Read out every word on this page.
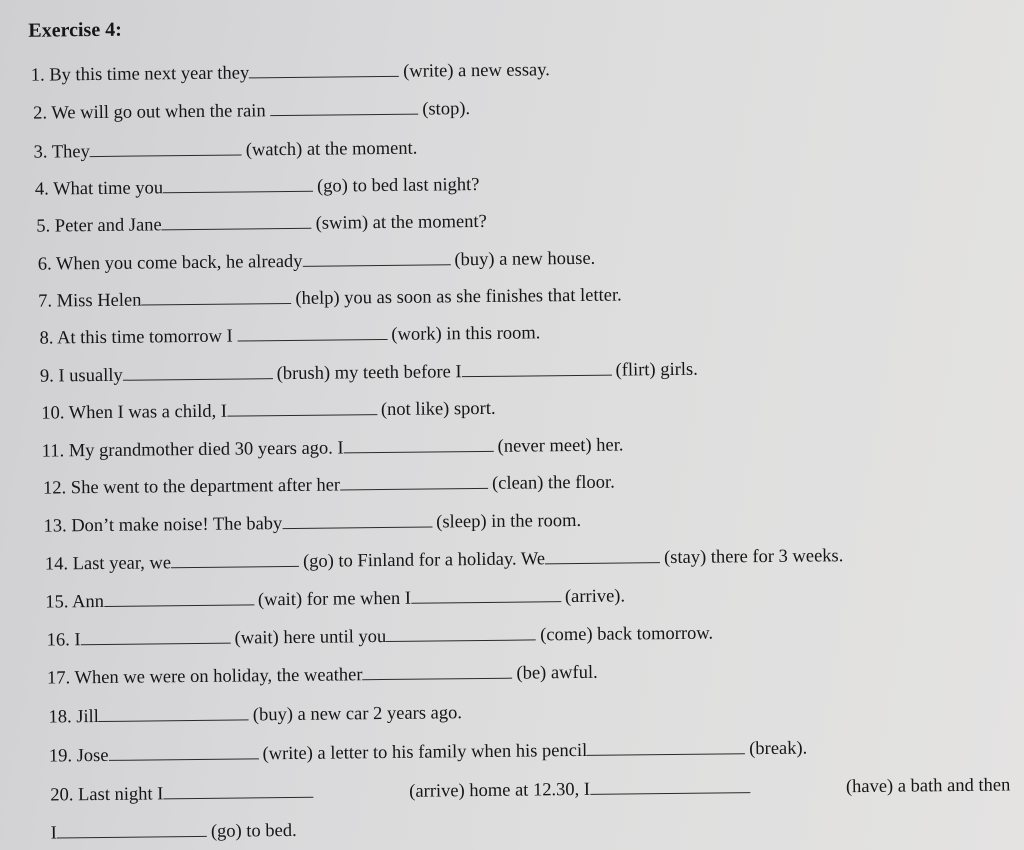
Exercise 4:
1. By this time next year they	(write) a new essay.
2. We will go out when the rain	(stop).
3. They	(watch) at the moment.
4. What time you	(go) to bed last night?
5. Peter and Jane	(swim) at the moment?
6. When you come back, he already	(buy) a new house.
7. Miss Helen	(help) you as soon as she finishes that letter.
8. At this time tomorrow I	(work) in this room.
9. I usually	(brush) my teeth before I	(flirt) girls.
10. When I was a child, I	(not like) sport.
11. My grandmother died 30 years ago. I	(never meet) her.
12. She went to the department after her	(clean) the floor.
13. Don’t make noise! The baby	(sleep) in the room.
14. Last year, we	(go) to Finland for a holiday. We	(stay) there for 3 weeks.
15. Ann	(wait) for me when I	(arrive).
16. I	(wait) here until you	(come) back tomorrow.
17. When we were on holiday, the weather	(be) awful.
18. Jill	(buy) a new car 2 years ago.
19. Jose	(write) a letter to his family when his pencil	(break).
20. Last night I	(arrive) home at 12.30, I	(have) a bath and then
I	(go) to bed.
